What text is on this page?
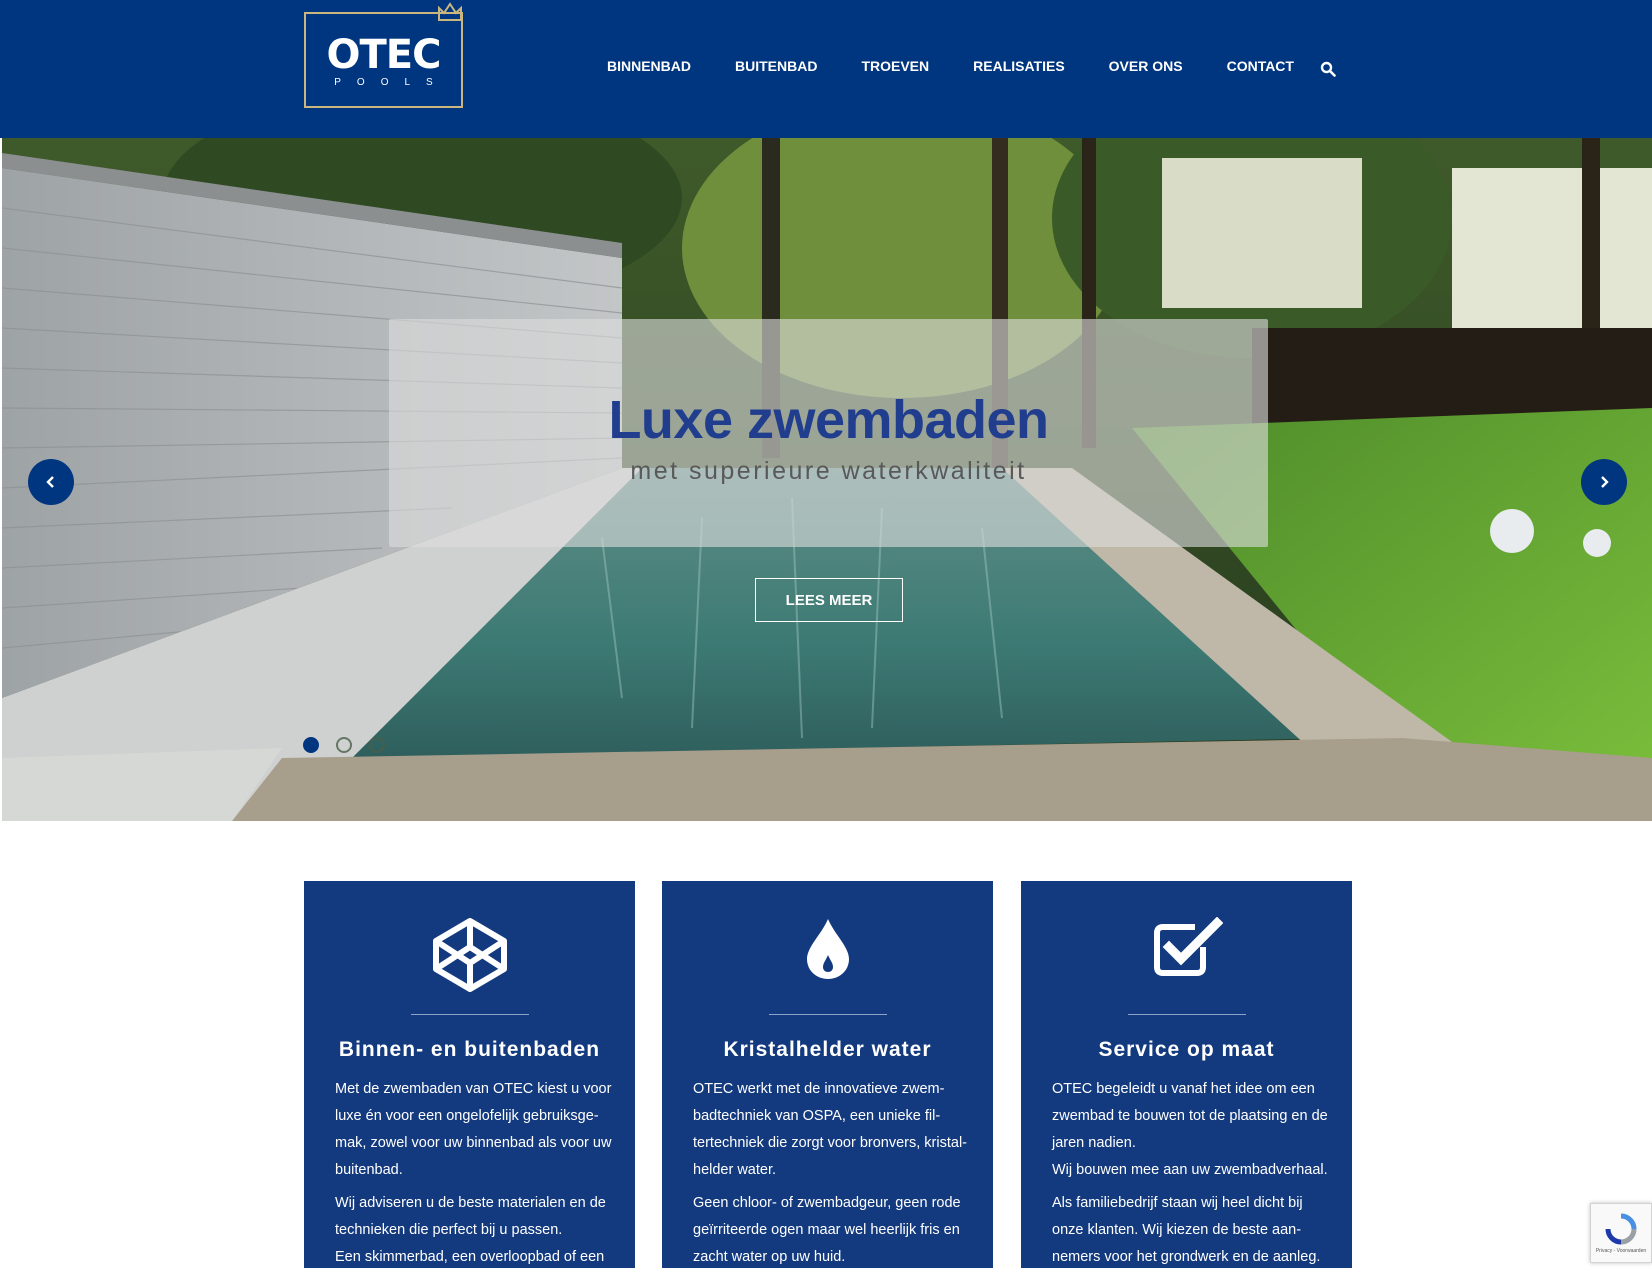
OTEC
POOLS
BINNENBAD	BUITENBAD	TROEVEN	REALISATIES	OVER ONS	CONTACT
Luxe zwembaden
met superieure waterkwaliteit
LEES MEER
Binnen- en buitenbaden

Met de zwembaden van OTEC kiest u voor luxe én voor een ongelofelijk gebruiksge-mak, zowel voor uw binnenbad als voor uw buitenbad.

Wij adviseren u de beste materialen en de technieken die perfect bij u passen.

Een skimmerbad, een overloopbad of een

Kristalhelder water

OTEC werkt met de innovatieve zwem-badtechniek van OSPA, een unieke fil-tertechniek die zorgt voor bronvers, kristal-helder water.

Geen chloor- of zwembadgeur, geen rode geïrriteerde ogen maar wel heerlijk fris en zacht water op uw huid.

Service op maat

OTEC begeleidt u vanaf het idee om een zwembad te bouwen tot de plaatsing en de jaren nadien.

Wij bouwen mee aan uw zwembadverhaal.

Als familiebedrijf staan wij heel dicht bij onze klanten. Wij kiezen de beste aan-nemers voor het grondwerk en de aanleg.	Privacy - Voorwaarden
